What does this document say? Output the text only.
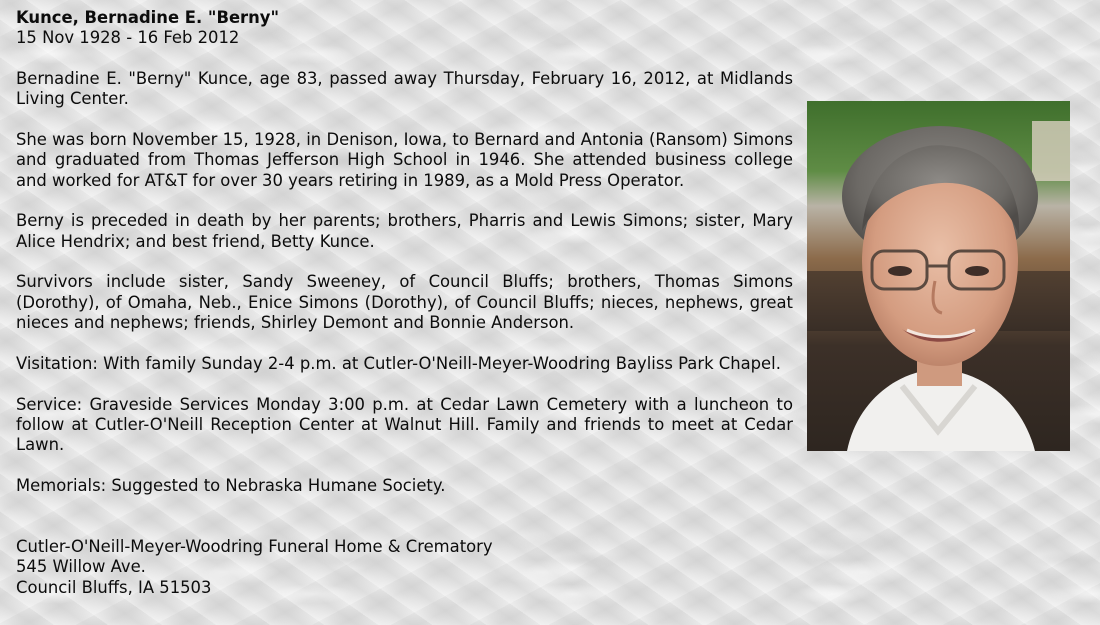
Kunce, Bernadine E. "Berny"
15 Nov 1928 - 16 Feb 2012

Bernadine E. "Berny" Kunce, age 83, passed away Thursday, February 16, 2012, at Midlands Living Center.

She was born November 15, 1928, in Denison, Iowa, to Bernard and Antonia (Ransom) Simons and graduated from Thomas Jefferson High School in 1946. She attended business college and worked for AT&T for over 30 years retiring in 1989, as a Mold Press Operator.

Berny is preceded in death by her parents; brothers, Pharris and Lewis Simons; sister, Mary Alice Hendrix; and best friend, Betty Kunce.

Survivors include sister, Sandy Sweeney, of Council Bluffs; brothers, Thomas Simons (Dorothy), of Omaha, Neb., Enice Simons (Dorothy), of Council Bluffs; nieces, nephews, great nieces and nephews; friends, Shirley Demont and Bonnie Anderson.

Visitation: With family Sunday 2-4 p.m. at Cutler-O'Neill-Meyer-Woodring Bayliss Park Chapel.

Service: Graveside Services Monday 3:00 p.m. at Cedar Lawn Cemetery with a luncheon to follow at Cutler-O'Neill Reception Center at Walnut Hill. Family and friends to meet at Cedar Lawn.

Memorials: Suggested to Nebraska Humane Society.

Cutler-O'Neill-Meyer-Woodring Funeral Home & Crematory

545 Willow Ave.

Council Bluffs, IA 51503
